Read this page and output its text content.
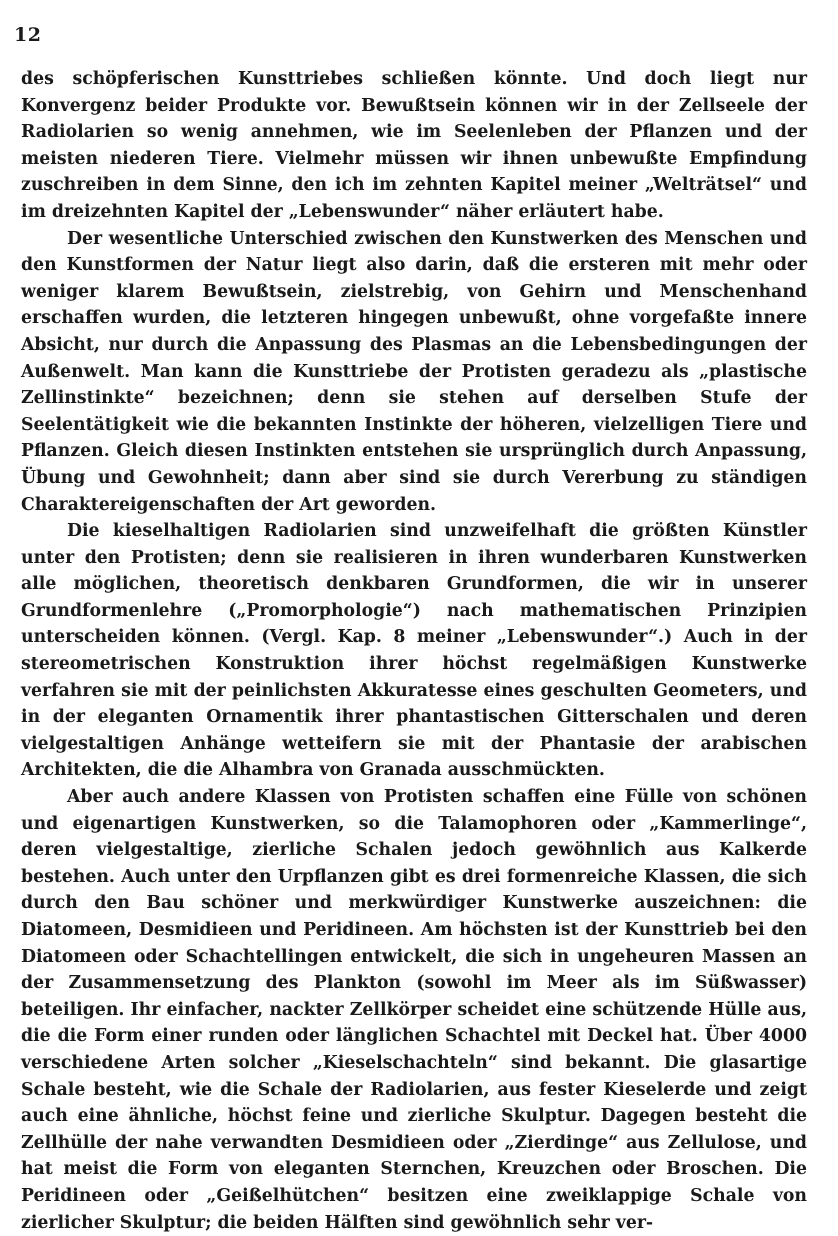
12

des schöpferischen Kunsttriebes schließen könnte. Und doch liegt nur Konvergenz beider Produkte vor. Bewußtsein können wir in der Zellseele der Radiolarien so wenig annehmen, wie im Seelenleben der Pflanzen und der meisten niederen Tiere. Vielmehr müssen wir ihnen unbewußte Empfindung zuschreiben in dem Sinne, den ich im zehnten Kapitel meiner „Welträtsel“ und im dreizehnten Kapitel der „Lebenswunder“ näher erläutert habe.

Der wesentliche Unterschied zwischen den Kunstwerken des Menschen und den Kunstformen der Natur liegt also darin, daß die ersteren mit mehr oder weniger klarem Bewußtsein, zielstrebig, von Gehirn und Menschenhand erschaffen wurden, die letzteren hingegen unbewußt, ohne vorgefaßte innere Absicht, nur durch die Anpassung des Plasmas an die Lebensbedingungen der Außenwelt. Man kann die Kunsttriebe der Protisten geradezu als „plastische Zellinstinkte“ bezeichnen; denn sie stehen auf derselben Stufe der Seelentätigkeit wie die bekannten Instinkte der höheren, vielzelligen Tiere und Pflanzen. Gleich diesen Instinkten entstehen sie ursprünglich durch Anpassung, Übung und Gewohnheit; dann aber sind sie durch Vererbung zu ständigen Charaktereigenschaften der Art geworden.

Die kieselhaltigen Radiolarien sind unzweifelhaft die größten Künstler unter den Protisten; denn sie realisieren in ihren wunderbaren Kunstwerken alle möglichen, theoretisch denkbaren Grundformen, die wir in unserer Grundformenlehre („Promorphologie“) nach mathematischen Prinzipien unterscheiden können. (Vergl. Kap. 8 meiner „Lebenswunder“.) Auch in der stereometrischen Konstruktion ihrer höchst regelmäßigen Kunstwerke verfahren sie mit der peinlichsten Akkuratesse eines geschulten Geometers, und in der eleganten Ornamentik ihrer phantastischen Gitterschalen und deren vielgestaltigen Anhänge wetteifern sie mit der Phantasie der arabischen Architekten, die die Alhambra von Granada ausschmückten.

Aber auch andere Klassen von Protisten schaffen eine Fülle von schönen und eigenartigen Kunstwerken, so die Talamophoren oder „Kammerlinge“, deren vielgestaltige, zierliche Schalen jedoch gewöhnlich aus Kalkerde bestehen. Auch unter den Urpflanzen gibt es drei formenreiche Klassen, die sich durch den Bau schöner und merkwürdiger Kunstwerke auszeichnen: die Diatomeen, Desmidieen und Peridineen. Am höchsten ist der Kunsttrieb bei den Diatomeen oder Schachtellingen entwickelt, die sich in ungeheuren Massen an der Zusammensetzung des Plankton (sowohl im Meer als im Süßwasser) beteiligen. Ihr einfacher, nackter Zellkörper scheidet eine schützende Hülle aus, die die Form einer runden oder länglichen Schachtel mit Deckel hat. Über 4000 verschiedene Arten solcher „Kieselschachteln“ sind bekannt. Die glasartige Schale besteht, wie die Schale der Radiolarien, aus fester Kieselerde und zeigt auch eine ähnliche, höchst feine und zierliche Skulptur. Dagegen besteht die Zellhülle der nahe verwandten Desmidieen oder „Zierdinge“ aus Zellulose, und hat meist die Form von eleganten Sternchen, Kreuzchen oder Broschen. Die Peridineen oder „Geißelhütchen“ besitzen eine zweiklappige Schale von zierlicher Skulptur; die beiden Hälften sind gewöhnlich sehr ver-
